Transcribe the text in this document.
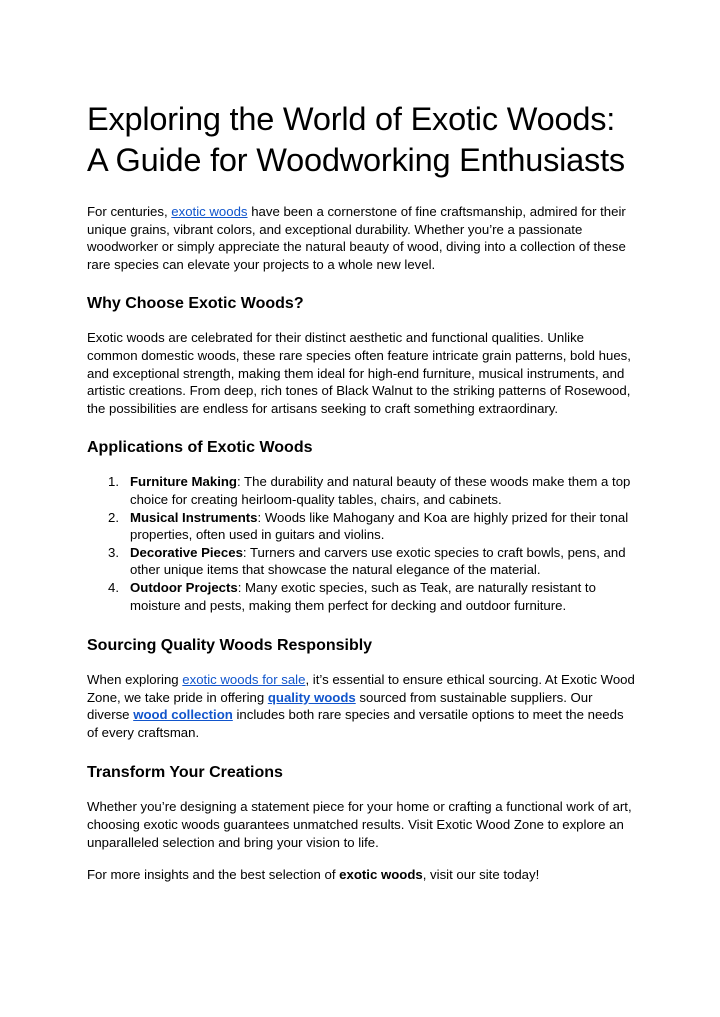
Exploring the World of Exotic Woods:
A Guide for Woodworking Enthusiasts

For centuries, exotic woods have been a cornerstone of fine craftsmanship, admired for their unique grains, vibrant colors, and exceptional durability. Whether you’re a passionate woodworker or simply appreciate the natural beauty of wood, diving into a collection of these rare species can elevate your projects to a whole new level.

Why Choose Exotic Woods?

Exotic woods are celebrated for their distinct aesthetic and functional qualities. Unlike common domestic woods, these rare species often feature intricate grain patterns, bold hues, and exceptional strength, making them ideal for high-end furniture, musical instruments, and artistic creations. From deep, rich tones of Black Walnut to the striking patterns of Rosewood, the possibilities are endless for artisans seeking to craft something extraordinary.

Applications of Exotic Woods
1. Furniture Making: The durability and natural beauty of these woods make them a top choice for creating heirloom-quality tables, chairs, and cabinets.
2. Musical Instruments: Woods like Mahogany and Koa are highly prized for their tonal properties, often used in guitars and violins.
3. Decorative Pieces: Turners and carvers use exotic species to craft bowls, pens, and other unique items that showcase the natural elegance of the material.
4. Outdoor Projects: Many exotic species, such as Teak, are naturally resistant to moisture and pests, making them perfect for decking and outdoor furniture.
Sourcing Quality Woods Responsibly

When exploring exotic woods for sale, it’s essential to ensure ethical sourcing. At Exotic Wood Zone, we take pride in offering quality woods sourced from sustainable suppliers. Our diverse wood collection includes both rare species and versatile options to meet the needs of every craftsman.

Transform Your Creations

Whether you’re designing a statement piece for your home or crafting a functional work of art, choosing exotic woods guarantees unmatched results. Visit Exotic Wood Zone to explore an unparalleled selection and bring your vision to life.

For more insights and the best selection of exotic woods, visit our site today!
